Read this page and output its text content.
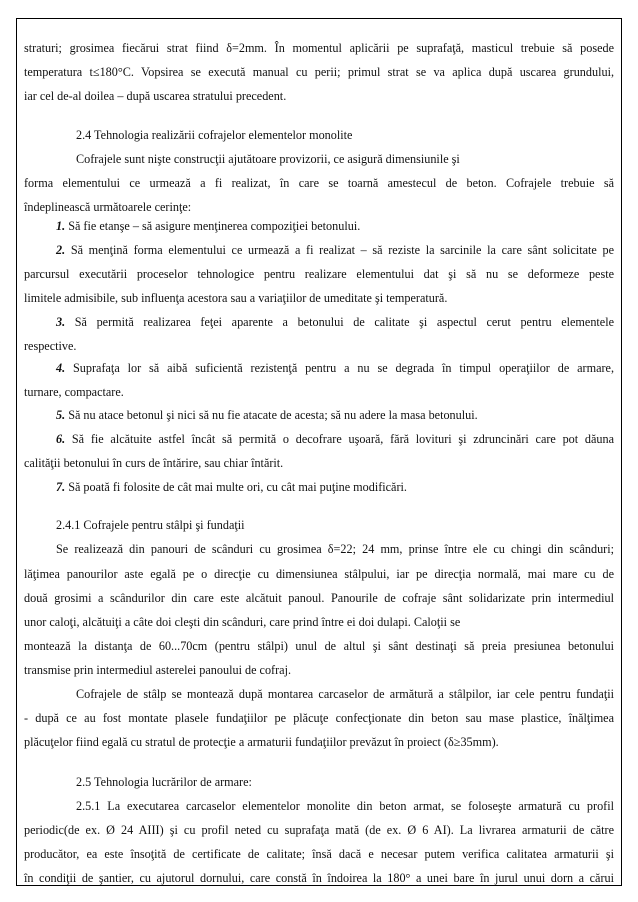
straturi; grosimea fiecărui strat fiind δ=2mm. În momentul aplicării pe suprafaţă, masticul trebuie să posede

temperatura t≤180°C. Vopsirea se execută manual cu perii; primul strat se va aplica după uscarea grundului,

iar cel de-al doilea – după uscarea stratului precedent.

2.4 Tehnologia realizării cofrajelor elementelor monolite

Cofrajele sunt nişte construcţii ajutătoare provizorii, ce asigură dimensiunile şi

forma elementului ce urmează a fi realizat, în care se toarnă amestecul de beton. Cofrajele trebuie să

îndeplinească următoarele cerinţe:

1. Să fie etanşe – să asigure menţinerea compoziţiei betonului.

2. Să menţină forma elementului ce urmează a fi realizat – să reziste la sarcinile la care sânt solicitate pe

parcursul executării proceselor tehnologice pentru realizare elementului dat şi să nu se deformeze peste

limitele admisibile, sub influenţa acestora sau a variaţiilor de umeditate şi temperatură.

3. Să permită realizarea feţei aparente a betonului de calitate şi aspectul cerut pentru elementele

respective.

4. Suprafaţa lor să aibă suficientă rezistenţă pentru a nu se degrada în timpul operaţiilor de armare,

turnare, compactare.

5. Să nu atace betonul şi nici să nu fie atacate de acesta; să nu adere la masa betonului.

6. Să fie alcătuite astfel încât să permită o decofrare uşoară, fără lovituri şi zdruncinări care pot dăuna

calităţii betonului în curs de întărire, sau chiar întărit.

7. Să poată fi folosite de cât mai multe ori, cu cât mai puţine modificări.

2.4.1 Cofrajele pentru stâlpi şi fundaţii

Se realizează din panouri de scânduri cu grosimea δ=22; 24 mm, prinse între ele cu chingi din scânduri;

lăţimea panourilor aste egală pe o direcţie cu dimensiunea stâlpului, iar pe direcţia normală, mai mare cu de

două grosimi a scândurilor din care este alcătuit panoul. Panourile de cofraje sânt solidarizate prin intermediul

unor caloţi, alcătuiţi a câte doi cleşti din scânduri, care prind între ei doi dulapi. Caloţii se

montează la distanţa de 60...70cm (pentru stâlpi) unul de altul şi sânt destinaţi să preia presiunea betonului

transmise prin intermediul asterelei panoului de cofraj.

Cofrajele de stâlp se montează după montarea carcaselor de armătură a stâlpilor, iar cele pentru fundaţii

- după ce au fost montate plasele fundaţiilor pe plăcuţe confecţionate din beton sau mase plastice, înălţimea

plăcuţelor fiind egală cu stratul de protecţie a armaturii fundaţiilor prevăzut în proiect (δ≥35mm).

2.5 Tehnologia lucrărilor de armare:

2.5.1 La executarea carcaselor elementelor monolite din beton armat, se foloseşte armatură cu profil

periodic(de ex. Ø 24 AIII) şi cu profil neted cu suprafaţa mată (de ex. Ø 6 AI). La livrarea armaturii de către

producător, ea este însoţită de certificate de calitate; însă dacă e necesar putem verifica calitatea armaturii şi

în condiţii de şantier, cu ajutorul dornului, care constă în îndoirea la 180° a unei bare în jurul unui dorn a cărui
